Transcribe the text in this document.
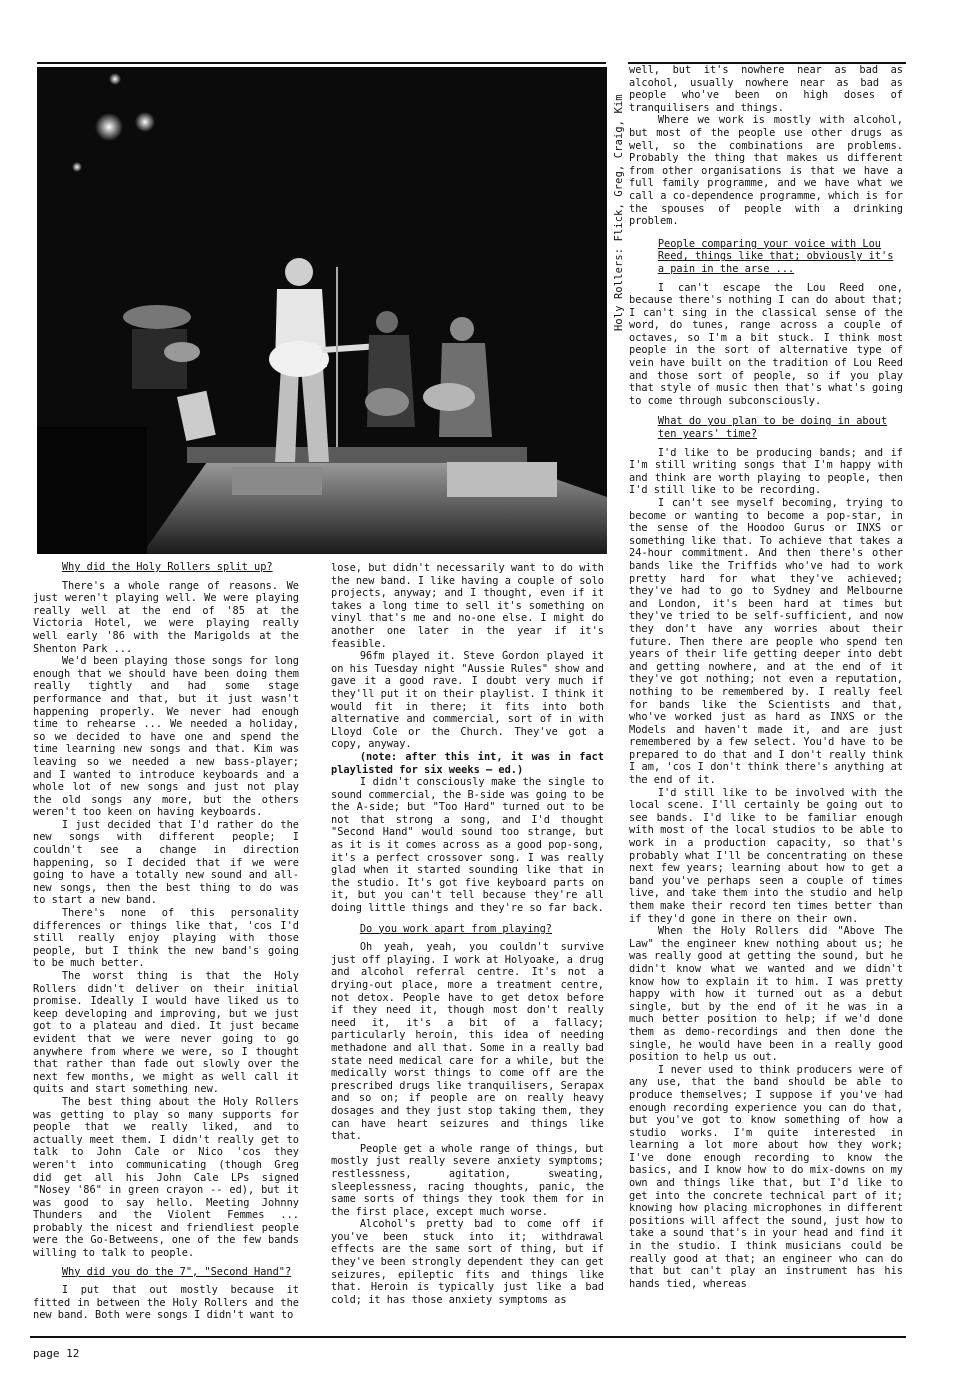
Holy Rollers: Flick, Greg, Craig, Kim
Why did the Holy Rollers split up?

There's a whole range of reasons. We just weren't playing well. We were playing really well at the end of '85 at the Victoria Hotel, we were playing really well early '86 with the Marigolds at the Shenton Park ...

We'd been playing those songs for long enough that we should have been doing them really tightly and had some stage performance and that, but it just wasn't happening properly. We never had enough time to rehearse ... We needed a holiday, so we decided to have one and spend the time learning new songs and that. Kim was leaving so we needed a new bass-player; and I wanted to introduce keyboards and a whole lot of new songs and just not play the old songs any more, but the others weren't too keen on having keyboards.

I just decided that I'd rather do the new songs with different people; I couldn't see a change in direction happening, so I decided that if we were going to have a totally new sound and all-new songs, then the best thing to do was to start a new band.

There's none of this personality differences or things like that, 'cos I'd still really enjoy playing with those people, but I think the new band's going to be much better.

The worst thing is that the Holy Rollers didn't deliver on their initial promise. Ideally I would have liked us to keep developing and improving, but we just got to a plateau and died. It just became evident that we were never going to go anywhere from where we were, so I thought that rather than fade out slowly over the next few months, we might as well call it quits and start something new.

The best thing about the Holy Rollers was getting to play so many supports for people that we really liked, and to actually meet them. I didn't really get to talk to John Cale or Nico 'cos they weren't into communicating (though Greg did get all his John Cale LPs signed "Nosey '86" in green crayon -- ed), but it was good to say hello. Meeting Johnny Thunders and the Violent Femmes ... probably the nicest and friendliest people were the Go-Betweens, one of the few bands willing to talk to people.

Why did you do the 7", "Second Hand"?

I put that out mostly because it fitted in between the Holy Rollers and the new band. Both were songs I didn't want to

lose, but didn't necessarily want to do with the new band. I like having a couple of solo projects, anyway; and I thought, even if it takes a long time to sell it's something on vinyl that's me and no-one else. I might do another one later in the year if it's feasible.

96fm played it. Steve Gordon played it on his Tuesday night "Aussie Rules" show and gave it a good rave. I doubt very much if they'll put it on their playlist. I think it would fit in there; it fits into both alternative and commercial, sort of in with Lloyd Cole or the Church. They've got a copy, anyway.

(note: after this int, it was in fact playlisted for six weeks — ed.)

I didn't consciously make the single to sound commercial, the B-side was going to be the A-side; but "Too Hard" turned out to be not that strong a song, and I'd thought "Second Hand" would sound too strange, but as it is it comes across as a good pop-song, it's a perfect crossover song. I was really glad when it started sounding like that in the studio. It's got five keyboard parts on it, but you can't tell because they're all doing little things and they're so far back.

Do you work apart from playing?

Oh yeah, yeah, you couldn't survive just off playing. I work at Holyoake, a drug and alcohol referral centre. It's not a drying-out place, more a treatment centre, not detox. People have to get detox before if they need it, though most don't really need it, it's a bit of a fallacy; particularly heroin, this idea of needing methadone and all that. Some in a really bad state need medical care for a while, but the medically worst things to come off are the prescribed drugs like tranquilisers, Serapax and so on; if people are on really heavy dosages and they just stop taking them, they can have heart seizures and things like that.

People get a whole range of things, but mostly just really severe anxiety symptoms; restlessness, agitation, sweating, sleeplessness, racing thoughts, panic, the same sorts of things they took them for in the first place, except much worse.

Alcohol's pretty bad to come off if you've been stuck into it; withdrawal effects are the same sort of thing, but if they've been strongly dependent they can get seizures, epileptic fits and things like that. Heroin is typically just like a bad cold; it has those anxiety symptoms as

well, but it's nowhere near as bad as alcohol, usually nowhere near as bad as people who've been on high doses of tranquilisers and things.

Where we work is mostly with alcohol, but most of the people use other drugs as well, so the combinations are problems. Probably the thing that makes us different from other organisations is that we have a full family programme, and we have what we call a co-dependence programme, which is for the spouses of people with a drinking problem.

People comparing your voice with Lou Reed, things like that; obviously it's a pain in the arse ...

I can't escape the Lou Reed one, because there's nothing I can do about that; I can't sing in the classical sense of the word, do tunes, range across a couple of octaves, so I'm a bit stuck. I think most people in the sort of alternative type of vein have built on the tradition of Lou Reed and those sort of people, so if you play that style of music then that's what's going to come through subconsciously.

What do you plan to be doing in about ten years' time?

I'd like to be producing bands; and if I'm still writing songs that I'm happy with and think are worth playing to people, then I'd still like to be recording.

I can't see myself becoming, trying to become or wanting to become a pop-star, in the sense of the Hoodoo Gurus or INXS or something like that. To achieve that takes a 24-hour commitment. And then there's other bands like the Triffids who've had to work pretty hard for what they've achieved; they've had to go to Sydney and Melbourne and London, it's been hard at times but they've tried to be self-sufficient, and now they don't have any worries about their future. Then there are people who spend ten years of their life getting deeper into debt and getting nowhere, and at the end of it they've got nothing; not even a reputation, nothing to be remembered by. I really feel for bands like the Scientists and that, who've worked just as hard as INXS or the Models and haven't made it, and are just remembered by a few select. You'd have to be prepared to do that and I don't really think I am, 'cos I don't think there's anything at the end of it.

I'd still like to be involved with the local scene. I'll certainly be going out to see bands. I'd like to be familiar enough with most of the local studios to be able to work in a production capacity, so that's probably what I'll be concentrating on these next few years; learning about how to get a band you've perhaps seen a couple of times live, and take them into the studio and help them make their record ten times better than if they'd gone in there on their own.

When the Holy Rollers did "Above The Law" the engineer knew nothing about us; he was really good at getting the sound, but he didn't know what we wanted and we didn't know how to explain it to him. I was pretty happy with how it turned out as a debut single, but by the end of it he was in a much better position to help; if we'd done them as demo-recordings and then done the single, he would have been in a really good position to help us out.

I never used to think producers were of any use, that the band should be able to produce themselves; I suppose if you've had enough recording experience you can do that, but you've got to know something of how a studio works. I'm quite interested in learning a lot more about how they work; I've done enough recording to know the basics, and I know how to do mix-downs on my own and things like that, but I'd like to get into the concrete technical part of it; knowing how placing microphones in different positions will affect the sound, just how to take a sound that's in your head and find it in the studio. I think musicians could be really good at that; an engineer who can do that but can't play an instrument has his hands tied, whereas

page 12
